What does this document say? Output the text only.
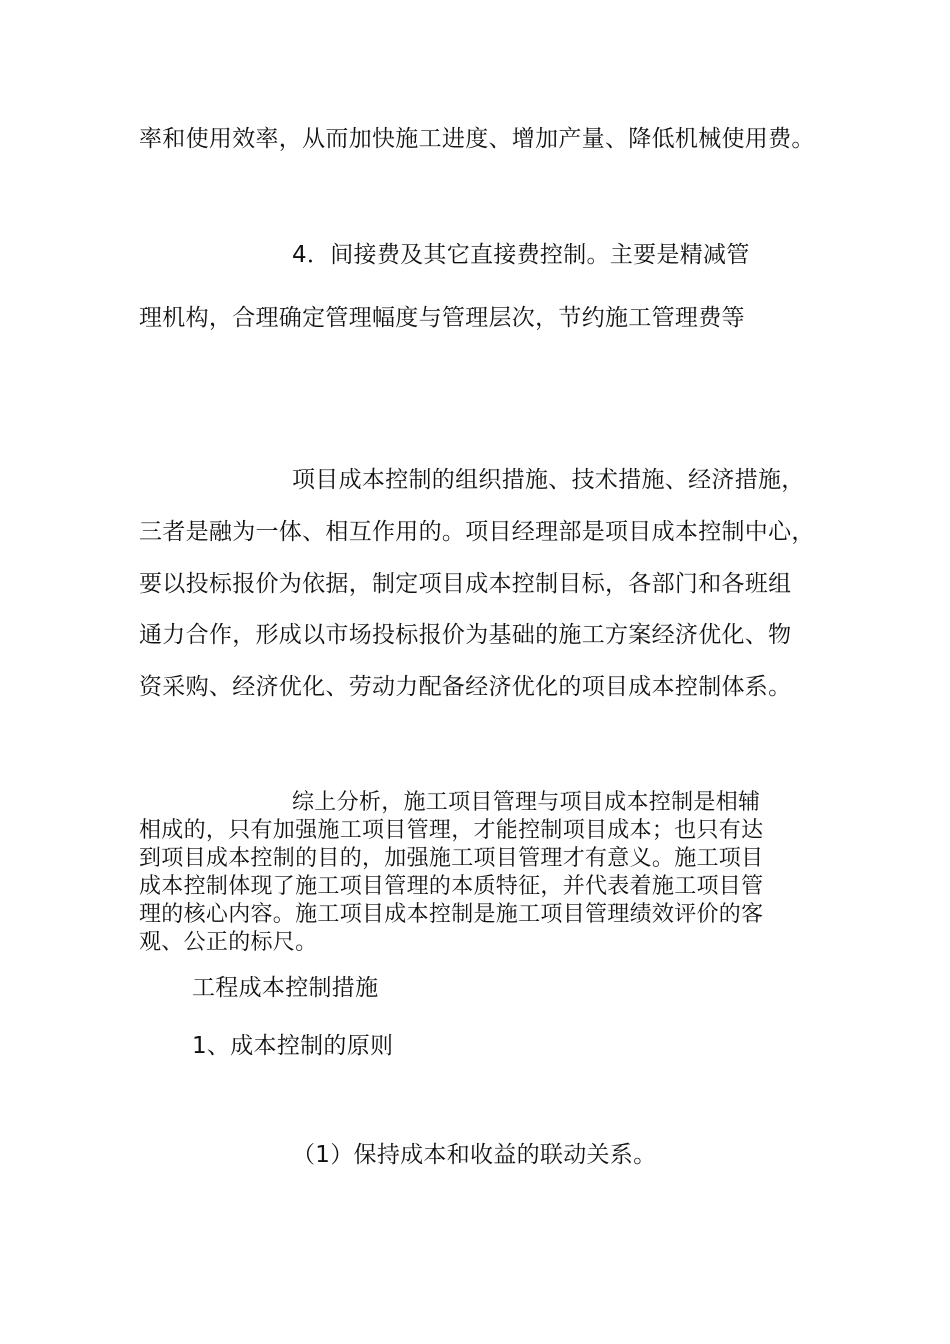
率和使用效率，从而加快施工进度、增加产量、降低机械使用费。
4．间接费及其它直接费控制。主要是精减管
理机构，合理确定管理幅度与管理层次，节约施工管理费等
项目成本控制的组织措施、技术措施、经济措施，
三者是融为一体、相互作用的。项目经理部是项目成本控制中心，
要以投标报价为依据，制定项目成本控制目标，各部门和各班组
通力合作，形成以市场投标报价为基础的施工方案经济优化、物
资采购、经济优化、劳动力配备经济优化的项目成本控制体系。
综上分析，施工项目管理与项目成本控制是相辅
相成的，只有加强施工项目管理，才能控制项目成本；也只有达
到项目成本控制的目的，加强施工项目管理才有意义。施工项目
成本控制体现了施工项目管理的本质特征，并代表着施工项目管
理的核心内容。施工项目成本控制是施工项目管理绩效评价的客
观、公正的标尺。
工程成本控制措施
1、成本控制的原则
（1）保持成本和收益的联动关系。
